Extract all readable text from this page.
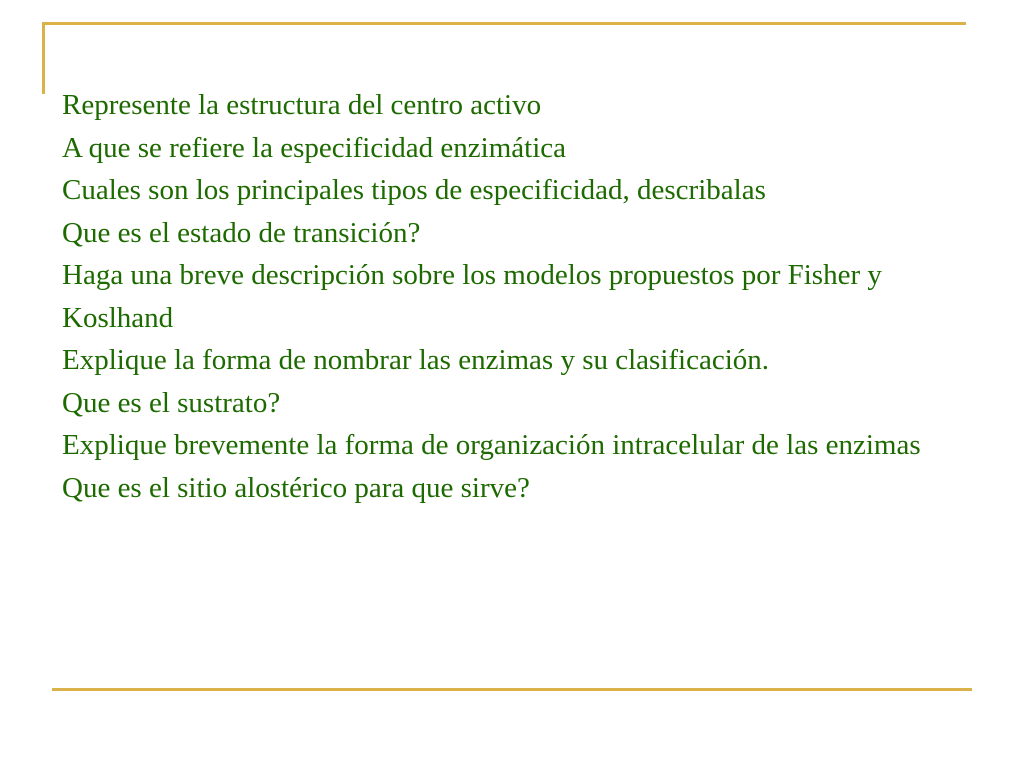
Represente la estructura del centro activo
A que se refiere la especificidad enzimática
Cuales son los principales tipos de especificidad, describalas
Que es el estado de transición?
Haga una breve descripción sobre los modelos propuestos por Fisher y Koslhand
Explique la forma de nombrar las enzimas y su clasificación.
Que es el sustrato?
Explique brevemente la forma de organización intracelular de las enzimas
Que es el sitio alostérico para que sirve?
